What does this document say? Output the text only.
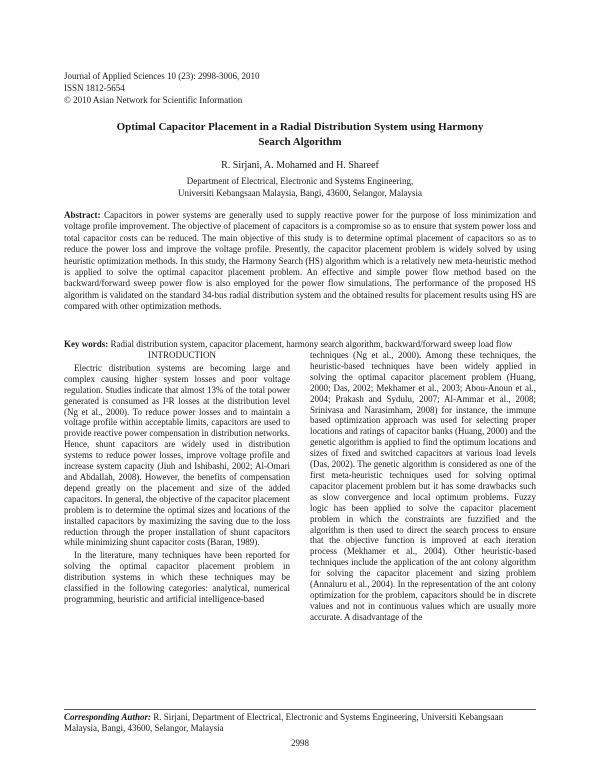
Journal of Applied Sciences 10 (23): 2998-3006, 2010
ISSN 1812-5654
© 2010 Asian Network for Scientific Information
Optimal Capacitor Placement in a Radial Distribution System using Harmony Search Algorithm
R. Sirjani, A. Mohamed and H. Shareef
Department of Electrical, Electronic and Systems Engineering,
Universiti Kebangsaan Malaysia, Bangi, 43600, Selangor, Malaysia
Abstract: Capacitors in power systems are generally used to supply reactive power for the purpose of loss minimization and voltage profile improvement. The objective of placement of capacitors is a compromise so as to ensure that system power loss and total capacitor costs can be reduced. The main objective of this study is to determine optimal placement of capacitors so as to reduce the power loss and improve the voltage profile. Presently, the capacitor placement problem is widely solved by using heuristic optimization methods. In this study, the Harmony Search (HS) algorithm which is a relatively new meta-heuristic method is applied to solve the optimal capacitor placement problem. An effective and simple power flow method based on the backward/forward sweep power flow is also employed for the power flow simulations. The performance of the proposed HS algorithm is validated on the standard 34-bus radial distribution system and the obtained results for placement results using HS are compared with other optimization methods.
Key words: Radial distribution system, capacitor placement, harmony search algorithm, backward/forward sweep load flow

INTRODUCTION

Electric distribution systems are becoming large and complex causing higher system losses and poor voltage regulation. Studies indicate that almost 13% of the total power generated is consumed as I²R losses at the distribution level (Ng et al., 2000). To reduce power losses and to maintain a voltage profile within acceptable limits, capacitors are used to provide reactive power compensation in distribution networks. Hence, shunt capacitors are widely used in distribution systems to reduce power losses, improve voltage profile and increase system capacity (Jiuh and Ishibashi, 2002; Al-Omari and Abdallah, 2008). However, the benefits of compensation depend greatly on the placement and size of the added capacitors. In general, the objective of the capacitor placement problem is to determine the optimal sizes and locations of the installed capacitors by maximizing the saving due to the loss reduction through the proper installation of shunt capacitors while minimizing shunt capacitor costs (Baran, 1989).

In the literature, many techniques have been reported for solving the optimal capacitor placement problem in distribution systems in which these techniques may be classified in the following categories: analytical, numerical programming, heuristic and artificial intelligence-based

techniques (Ng et al., 2000). Among these techniques, the heuristic-based techniques have been widely applied in solving the optimal capacitor placement problem (Huang, 2000; Das, 2002; Mekhamer et al., 2003; Abou-Anoun et al., 2004; Prakash and Sydulu, 2007; Al-Ammar et al., 2008; Srinivasa and Narasimham, 2008) for instance, the immune based optimization approach was used for selecting proper locations and ratings of capacitor banks (Huang, 2000) and the genetic algorithm is applied to find the optimum locations and sizes of fixed and switched capacitors at various load levels (Das, 2002). The genetic algorithm is considered as one of the first meta-heuristic techniques used for solving optimal capacitor placement problem but it has some drawbacks such as slow convergence and local optimum problems. Fuzzy logic has been applied to solve the capacitor placement problem in which the constraints are fuzzified and the algorithm is then used to direct the search process to ensure that the objective function is improved at each iteration process (Mekhamer et al., 2004). Other heuristic-based techniques include the application of the ant colony algorithm for solving the capacitor placement and sizing problem (Annaluru et al., 2004). In the representation of the ant colony optimization for the problem, capacitors should be in discrete values and not in continuous values which are usually more accurate. A disadvantage of the

Corresponding Author: R. Sirjani, Department of Electrical, Electronic and Systems Engineering, Universiti Kebangsaan Malaysia, Bangi, 43600, Selangor, Malaysia
2998
